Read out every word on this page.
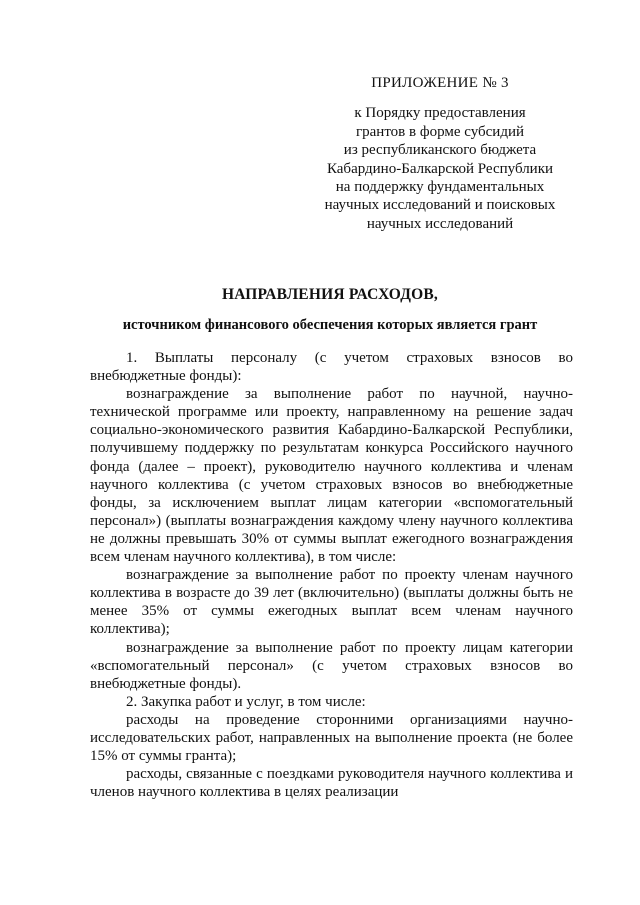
ПРИЛОЖЕНИЕ № 3
к Порядку предоставления
грантов в форме субсидий
из республиканского бюджета
Кабардино-Балкарской Республики
на поддержку фундаментальных
научных исследований и поисковых
научных исследований
НАПРАВЛЕНИЯ РАСХОДОВ,
источником финансового обеспечения которых является грант

1. Выплаты персоналу (с учетом страховых взносов во внебюджетные фонды):

вознаграждение за выполнение работ по научной, научно-технической программе или проекту, направленному на решение задач социально-экономического развития Кабардино-Балкарской Республики, получившему поддержку по результатам конкурса Российского научного фонда (далее – проект), руководителю научного коллектива и членам научного коллектива (с учетом страховых взносов во внебюджетные фонды, за исключением выплат лицам категории «вспомогательный персонал») (выплаты вознаграждения каждому члену научного коллектива не должны превышать 30% от суммы выплат ежегодного вознаграждения всем членам научного коллектива), в том числе:

вознаграждение за выполнение работ по проекту членам научного коллектива в возрасте до 39 лет (включительно) (выплаты должны быть не менее 35% от суммы ежегодных выплат всем членам научного коллектива);

вознаграждение за выполнение работ по проекту лицам категории «вспомогательный персонал» (с учетом страховых взносов во внебюджетные фонды).

2. Закупка работ и услуг, в том числе:

расходы на проведение сторонними организациями научно-исследовательских работ, направленных на выполнение проекта (не более 15% от суммы гранта);

расходы, связанные с поездками руководителя научного коллектива и членов научного коллектива в целях реализации
